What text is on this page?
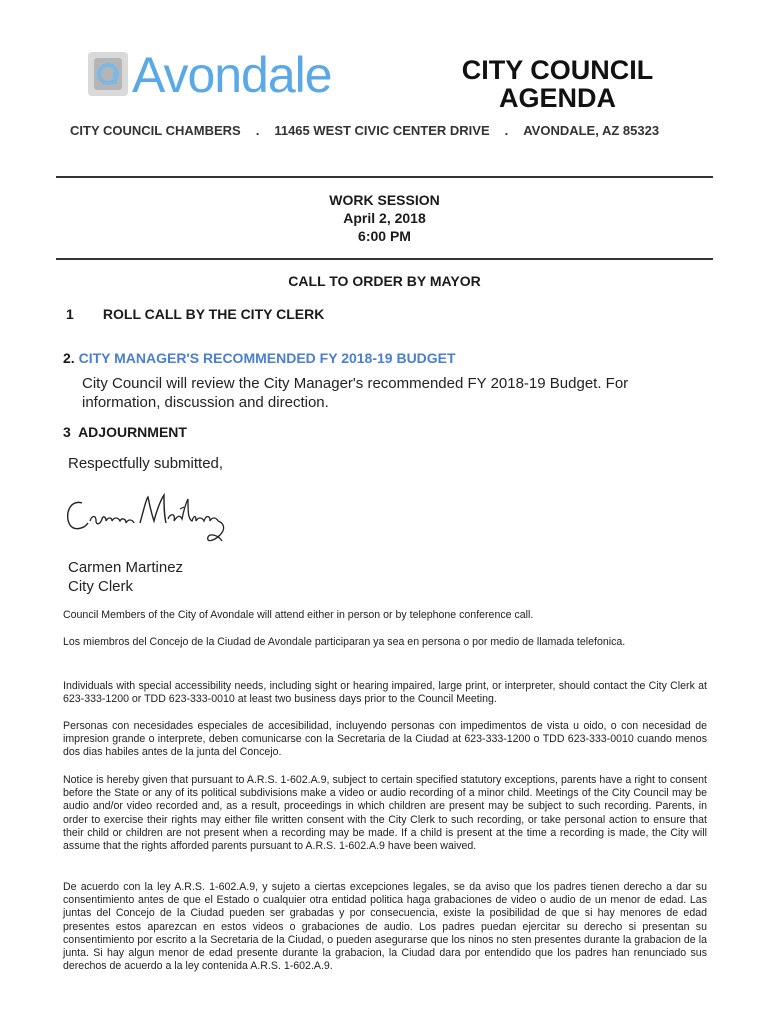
Avondale	CITY COUNCIL
AGENDA
CITY COUNCIL CHAMBERS . 11465 WEST CIVIC CENTER DRIVE . AVONDALE, AZ 85323
WORK SESSION
April 2, 2018
6:00 PM
CALL TO ORDER BY MAYOR
1 ROLL CALL BY THE CITY CLERK
2. CITY MANAGER'S RECOMMENDED FY 2018-19 BUDGET
City Council will review the City Manager's recommended FY 2018-19 Budget. For information, discussion and direction.
3 ADJOURNMENT
Respectfully submitted,
Carmen Martinez
City Clerk
Council Members of the City of Avondale will attend either in person or by telephone conference call.
Los miembros del Concejo de la Ciudad de Avondale participaran ya sea en persona o por medio de llamada telefonica.
Individuals with special accessibility needs, including sight or hearing impaired, large print, or interpreter, should contact the City Clerk at 623-333-1200 or TDD 623-333-0010 at least two business days prior to the Council Meeting.
Personas con necesidades especiales de accesibilidad, incluyendo personas con impedimentos de vista u oido, o con necesidad de impresion grande o interprete, deben comunicarse con la Secretaria de la Ciudad at 623-333-1200 o TDD 623-333-0010 cuando menos dos dias habiles antes de la junta del Concejo.
Notice is hereby given that pursuant to A.R.S. 1-602.A.9, subject to certain specified statutory exceptions, parents have a right to consent before the State or any of its political subdivisions make a video or audio recording of a minor child. Meetings of the City Council may be audio and/or video recorded and, as a result, proceedings in which children are present may be subject to such recording. Parents, in order to exercise their rights may either file written consent with the City Clerk to such recording, or take personal action to ensure that their child or children are not present when a recording may be made. If a child is present at the time a recording is made, the City will assume that the rights afforded parents pursuant to A.R.S. 1-602.A.9 have been waived.
De acuerdo con la ley A.R.S. 1-602.A.9, y sujeto a ciertas excepciones legales, se da aviso que los padres tienen derecho a dar su consentimiento antes de que el Estado o cualquier otra entidad politica haga grabaciones de video o audio de un menor de edad. Las juntas del Concejo de la Ciudad pueden ser grabadas y por consecuencia, existe la posibilidad de que si hay menores de edad presentes estos aparezcan en estos videos o grabaciones de audio. Los padres puedan ejercitar su derecho si presentan su consentimiento por escrito a la Secretaria de la Ciudad, o pueden asegurarse que los ninos no sten presentes durante la grabacion de la junta. Si hay algun menor de edad presente durante la grabacion, la Ciudad dara por entendido que los padres han renunciado sus derechos de acuerdo a la ley contenida A.R.S. 1-602.A.9.
